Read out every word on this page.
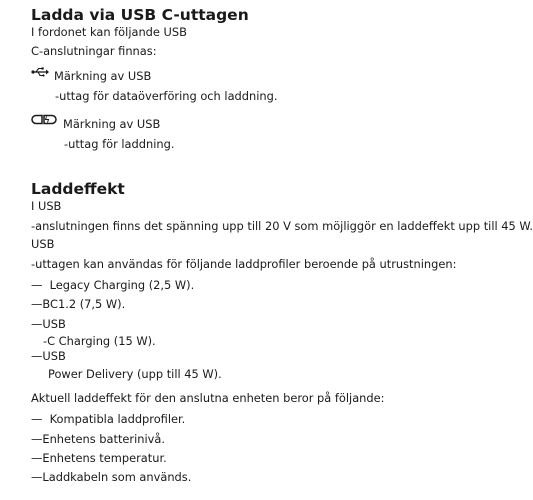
Ladda via USB C-uttagen
I fordonet kan följande USB
C-anslutningar finnas:
Märkning av USB
-uttag för dataöverföring och laddning.
Märkning av USB
-uttag för laddning.
Laddeffekt
I USB
-anslutningen finns det spänning upp till 20 V som möjliggör en laddeffekt upp till 45 W.
USB
-uttagen kan användas för följande laddprofiler beroende på utrustningen:
— Legacy Charging (2,5 W).
—BC1.2 (7,5 W).
—USB
-C Charging (15 W).
—USB
Power Delivery (upp till 45 W).
Aktuell laddeffekt för den anslutna enheten beror på följande:
— Kompatibla laddprofiler.
—Enhetens batterinivå.
—Enhetens temperatur.
—Laddkabeln som används.
